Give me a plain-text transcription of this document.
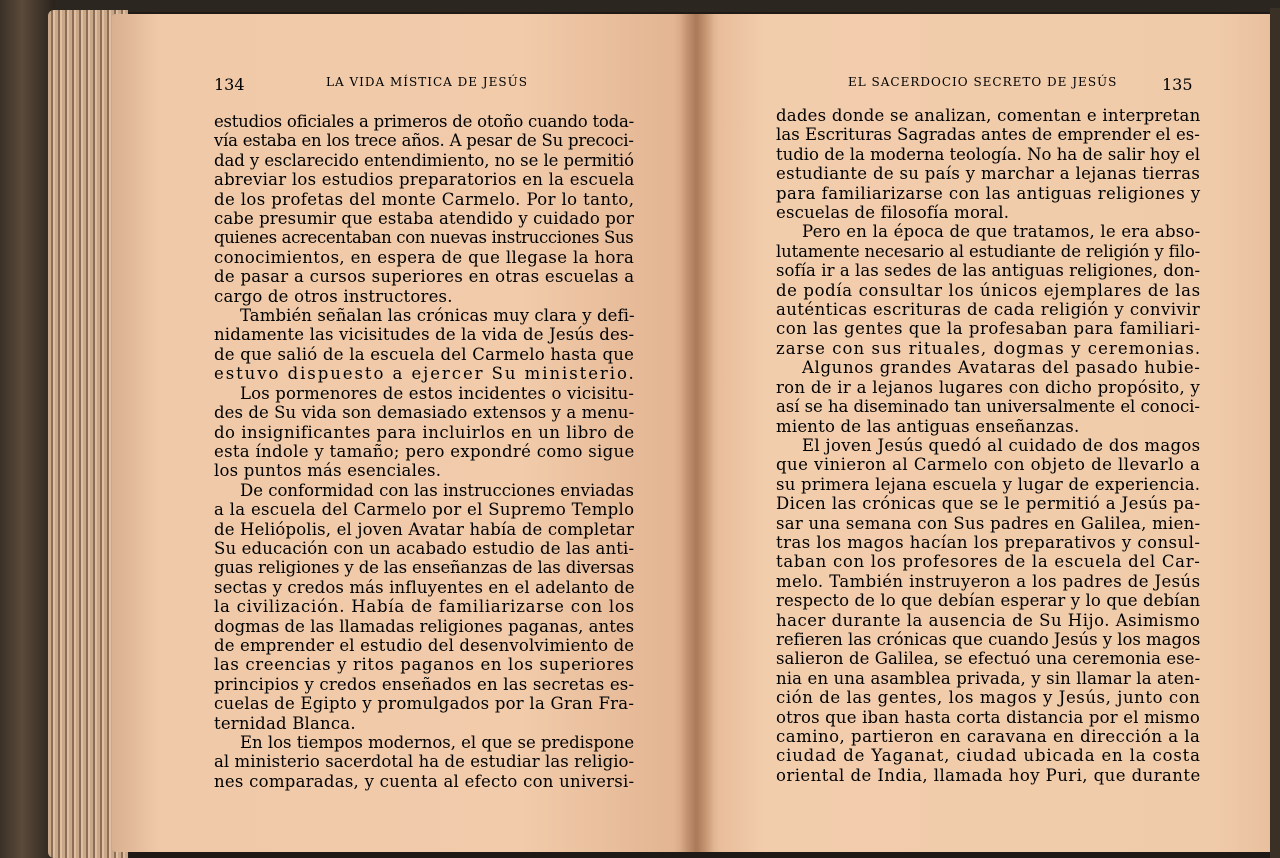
134	LA VIDA MÍSTICA DE JESÚS	EL SACERDOCIO SECRETO DE JESÚS	135
estudios oficiales a primeros de otoño cuando toda-
vía estaba en los trece años. A pesar de Su precoci-
dad y esclarecido entendimiento, no se le permitió
abreviar los estudios preparatorios en la escuela
de los profetas del monte Carmelo. Por lo tanto,
cabe presumir que estaba atendido y cuidado por
quienes acrecentaban con nuevas instrucciones Sus
conocimientos, en espera de que llegase la hora
de pasar a cursos superiores en otras escuelas a
cargo de otros instructores.
También señalan las crónicas muy clara y defi-
nidamente las vicisitudes de la vida de Jesús des-
de que salió de la escuela del Carmelo hasta que
estuvo dispuesto a ejercer Su ministerio.
Los pormenores de estos incidentes o vicisitu-
des de Su vida son demasiado extensos y a menu-
do insignificantes para incluirlos en un libro de
esta índole y tamaño; pero expondré como sigue
los puntos más esenciales.
De conformidad con las instrucciones enviadas
a la escuela del Carmelo por el Supremo Templo
de Heliópolis, el joven Avatar había de completar
Su educación con un acabado estudio de las anti-
guas religiones y de las enseñanzas de las diversas
sectas y credos más influyentes en el adelanto de
la civilización. Había de familiarizarse con los
dogmas de las llamadas religiones paganas, antes
de emprender el estudio del desenvolvimiento de
las creencias y ritos paganos en los superiores
principios y credos enseñados en las secretas es-
cuelas de Egipto y promulgados por la Gran Fra-
ternidad Blanca.
En los tiempos modernos, el que se predispone
al ministerio sacerdotal ha de estudiar las religio-
nes comparadas, y cuenta al efecto con universi-
dades donde se analizan, comentan e interpretan
las Escrituras Sagradas antes de emprender el es-
tudio de la moderna teología. No ha de salir hoy el
estudiante de su país y marchar a lejanas tierras
para familiarizarse con las antiguas religiones y
escuelas de filosofía moral.
Pero en la época de que tratamos, le era abso-
lutamente necesario al estudiante de religión y filo-
sofía ir a las sedes de las antiguas religiones, don-
de podía consultar los únicos ejemplares de las
auténticas escrituras de cada religión y convivir
con las gentes que la profesaban para familiari-
zarse con sus rituales, dogmas y ceremonias.
Algunos grandes Avataras del pasado hubie-
ron de ir a lejanos lugares con dicho propósito, y
así se ha diseminado tan universalmente el conoci-
miento de las antiguas enseñanzas.
El joven Jesús quedó al cuidado de dos magos
que vinieron al Carmelo con objeto de llevarlo a
su primera lejana escuela y lugar de experiencia.
Dicen las crónicas que se le permitió a Jesús pa-
sar una semana con Sus padres en Galilea, mien-
tras los magos hacían los preparativos y consul-
taban con los profesores de la escuela del Car-
melo. También instruyeron a los padres de Jesús
respecto de lo que debían esperar y lo que debían
hacer durante la ausencia de Su Hijo. Asimismo
refieren las crónicas que cuando Jesús y los magos
salieron de Galilea, se efectuó una ceremonia ese-
nia en una asamblea privada, y sin llamar la aten-
ción de las gentes, los magos y Jesús, junto con
otros que iban hasta corta distancia por el mismo
camino, partieron en caravana en dirección a la
ciudad de Yaganat, ciudad ubicada en la costa
oriental de India, llamada hoy Puri, que durante
